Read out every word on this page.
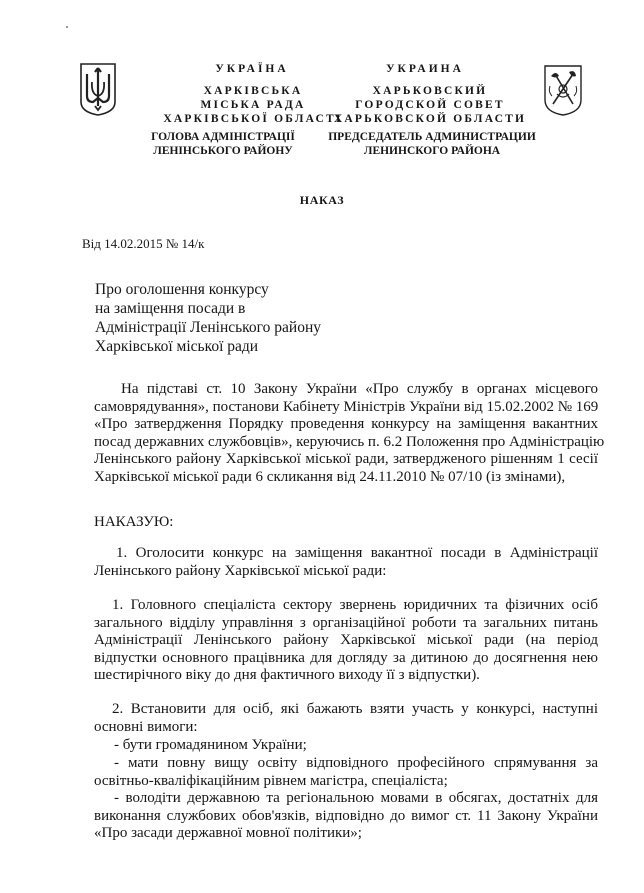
УКРАЇНА
ХАРКІВСЬКА
МІСЬКА РАДА
ХАРКІВСЬКОЇ ОБЛАСТІ
ГОЛОВА АДМІНІСТРАЦІЇ
ЛЕНІНСЬКОГО РАЙОНУ
УКРАИНА
ХАРЬКОВСКИЙ
ГОРОДСКОЙ СОВЕТ
ХАРЬКОВСКОЙ ОБЛАСТИ
ПРЕДСЕДАТЕЛЬ АДМИНИСТРАЦИИ
ЛЕНИНСКОГО РАЙОНА
НАКАЗ
Від 14.02.2015 № 14/к
Про оголошення конкурсу
на заміщення посади в
Адміністрації Ленінського району
Харківської міської ради
На підставі ст. 10 Закону України «Про службу в органах місцевого
самоврядування», постанови Кабінету Міністрів України від 15.02.2002 № 169
«Про затвердження Порядку проведення конкурсу на заміщення вакантних
посад державних службовців», керуючись п. 6.2 Положення про Адміністрацію
Ленінського району Харківської міської ради, затвердженого рішенням 1 сесії
Харківської міської ради 6 скликання від 24.11.2010 № 07/10 (із змінами),
НАКАЗУЮ:
1. Оголосити конкурс на заміщення вакантної посади в Адміністрації
Ленінського району Харківської міської ради:
1. Головного спеціаліста сектору звернень юридичних та фізичних осіб
загального відділу управління з організаційної роботи та загальних питань
Адміністрації Ленінського району Харківської міської ради (на період
відпустки основного працівника для догляду за дитиною до досягнення нею
шестирічного віку до дня фактичного виходу її з відпустки).
2. Встановити для осіб, які бажають взяти участь у конкурсі, наступні
основні вимоги:
- бути громадянином України;
- мати повну вищу освіту відповідного професійного спрямування за
освітньо-кваліфікаційним рівнем магістра, спеціаліста;
- володіти державною та регіональною мовами в обсягах, достатніх для
виконання службових обов'язків, відповідно до вимог ст. 11 Закону України
«Про засади державної мовної політики»;
